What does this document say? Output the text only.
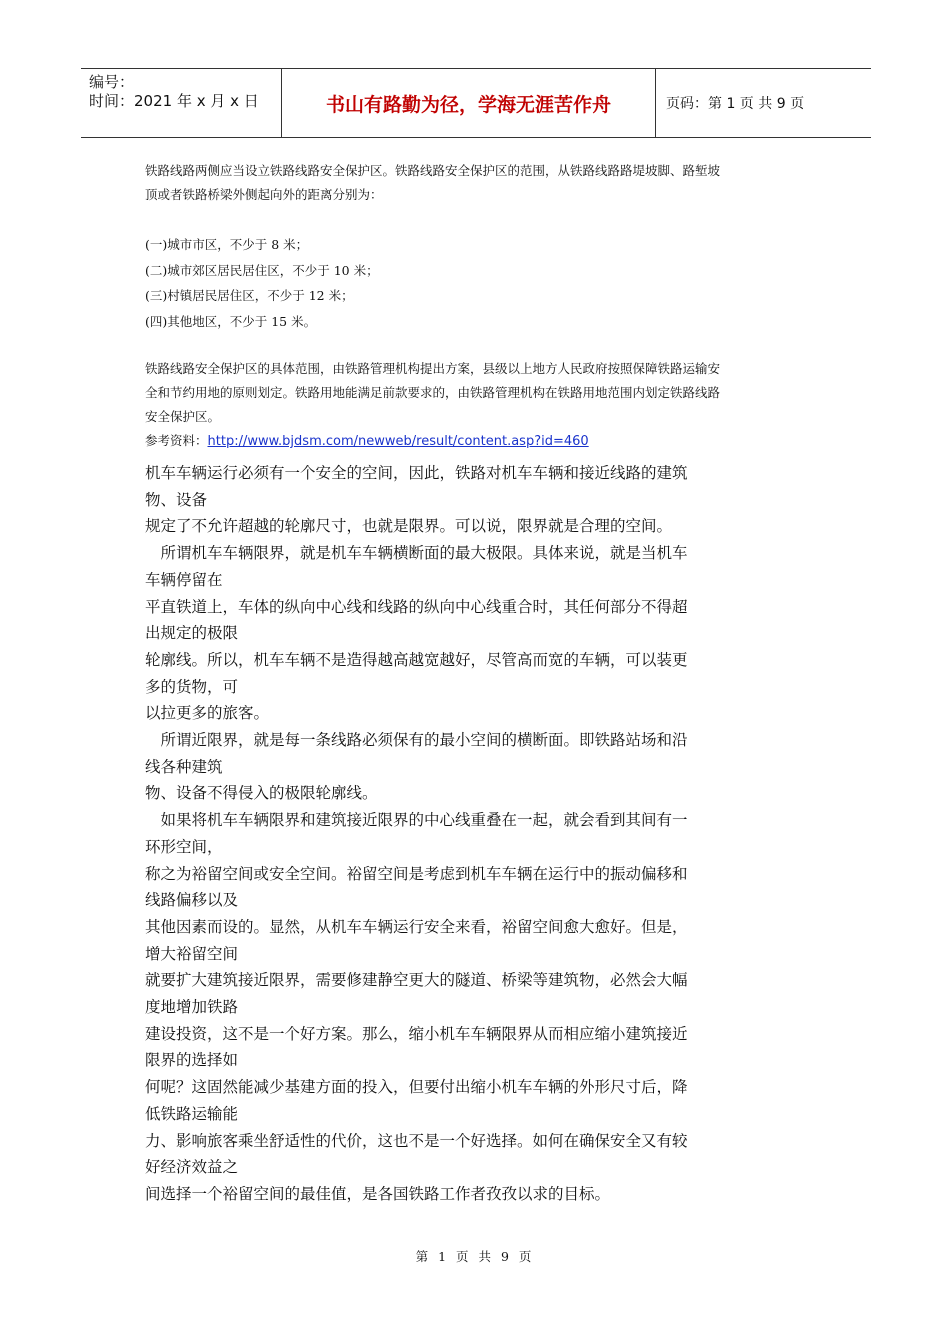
编号：
时间：2021 年 x 月 x 日	书山有路勤为径，学海无涯苦作舟	页码：第 1 页 共 9 页

铁路线路两侧应当设立铁路线路安全保护区。铁路线路安全保护区的范围，从铁路线路路堤坡脚、路堑坡

顶或者铁路桥梁外侧起向外的距离分别为：

(一)城市市区，不少于 8 米；
(二)城市郊区居民居住区，不少于 10 米；
(三)村镇居民居住区，不少于 12 米；
(四)其他地区，不少于 15 米。

铁路线路安全保护区的具体范围，由铁路管理机构提出方案，县级以上地方人民政府按照保障铁路运输安

全和节约用地的原则划定。铁路用地能满足前款要求的，由铁路管理机构在铁路用地范围内划定铁路线路

安全保护区。

参考资料：http://www.bjdsm.com/newweb/result/content.asp?id=460

机车车辆运行必须有一个安全的空间，因此，铁路对机车车辆和接近线路的建筑
物、设备
规定了不允许超越的轮廓尺寸，也就是限界。可以说，限界就是合理的空间。
　所谓机车车辆限界，就是机车车辆横断面的最大极限。具体来说，就是当机车
车辆停留在
平直铁道上，车体的纵向中心线和线路的纵向中心线重合时，其任何部分不得超
出规定的极限
轮廓线。所以，机车车辆不是造得越高越宽越好，尽管高而宽的车辆，可以装更
多的货物，可
以拉更多的旅客。
　所谓近限界，就是每一条线路必须保有的最小空间的横断面。即铁路站场和沿
线各种建筑
物、设备不得侵入的极限轮廓线。
　如果将机车车辆限界和建筑接近限界的中心线重叠在一起，就会看到其间有一
环形空间，
称之为裕留空间或安全空间。裕留空间是考虑到机车车辆在运行中的振动偏移和
线路偏移以及
其他因素而设的。显然，从机车车辆运行安全来看，裕留空间愈大愈好。但是，
增大裕留空间
就要扩大建筑接近限界，需要修建静空更大的隧道、桥梁等建筑物，必然会大幅
度地增加铁路
建设投资，这不是一个好方案。那么，缩小机车车辆限界从而相应缩小建筑接近
限界的选择如
何呢？这固然能减少基建方面的投入，但要付出缩小机车车辆的外形尺寸后，降
低铁路运输能
力、影响旅客乘坐舒适性的代价，这也不是一个好选择。如何在确保安全又有较
好经济效益之
间选择一个裕留空间的最佳值，是各国铁路工作者孜孜以求的目标。
第 1 页 共 9 页
